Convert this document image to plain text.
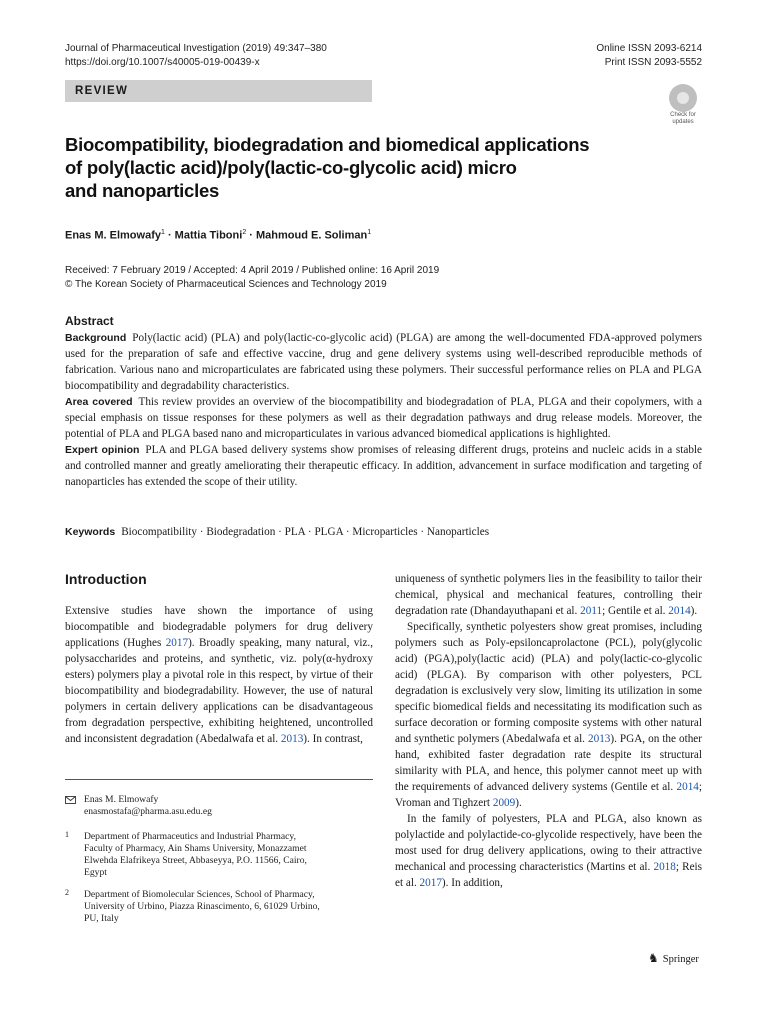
Journal of Pharmaceutical Investigation (2019) 49:347–380
https://doi.org/10.1007/s40005-019-00439-x
Online ISSN 2093-6214
Print ISSN 2093-5552
REVIEW
Check for
updates
Biocompatibility, biodegradation and biomedical applications
of poly(lactic acid)/poly(lactic-co-glycolic acid) micro
and nanoparticles
Enas M. Elmowafy$^1$ · Mattia Tiboni$^2$ · Mahmoud E. Soliman$^1$
Received: 7 February 2019 / Accepted: 4 April 2019 / Published online: 16 April 2019
© The Korean Society of Pharmaceutical Sciences and Technology 2019
Abstract
Background Poly(lactic acid) (PLA) and poly(lactic-co-glycolic acid) (PLGA) are among the well-documented FDA-approved polymers used for the preparation of safe and effective vaccine, drug and gene delivery systems using well-described reproducible methods of fabrication. Various nano and microparticulates are fabricated using these polymers. Their successful performance relies on PLA and PLGA biocompatibility and degradability characteristics.
Area covered This review provides an overview of the biocompatibility and biodegradation of PLA, PLGA and their copolymers, with a special emphasis on tissue responses for these polymers as well as their degradation pathways and drug release models. Moreover, the potential of PLA and PLGA based nano and microparticulates in various advanced biomedical applications is highlighted.
Expert opinion PLA and PLGA based delivery systems show promises of releasing different drugs, proteins and nucleic acids in a stable and controlled manner and greatly ameliorating their therapeutic efficacy. In addition, advancement in surface modification and targeting of nanoparticles has extended the scope of their utility.
Keywords Biocompatibility · Biodegradation · PLA · PLGA · Microparticles · Nanoparticles
Introduction

Extensive studies have shown the importance of using biocompatible and biodegradable polymers for drug delivery applications (Hughes 2017). Broadly speaking, many natural, viz., polysaccharides and proteins, and synthetic, viz. poly(α-hydroxy esters) polymers play a pivotal role in this respect, by virtue of their biocompatibility and biodegradability. However, the use of natural polymers in certain delivery applications can be disadvantageous from degradation perspective, exhibiting heightened, uncontrolled and inconsistent degradation (Abedalwafa et al. 2013). In contrast,

uniqueness of synthetic polymers lies in the feasibility to tailor their chemical, physical and mechanical features, controlling their degradation rate (Dhandayuthapani et al. 2011; Gentile et al. 2014).

Specifically, synthetic polyesters show great promises, including polymers such as Poly-epsiloncaprolactone (PCL), poly(glycolic acid) (PGA),poly(lactic acid) (PLA) and poly(lactic-co-glycolic acid) (PLGA). By comparison with other polyesters, PCL degradation is exclusively very slow, limiting its utilization in some specific biomedical fields and necessitating its modification such as surface decoration or forming composite systems with other natural and synthetic polymers (Abedalwafa et al. 2013). PGA, on the other hand, exhibited faster degradation rate despite its structural similarity with PLA, and hence, this polymer cannot meet up with the requirements of advanced delivery systems (Gentile et al. 2014; Vroman and Tighzert 2009).

In the family of polyesters, PLA and PLGA, also known as polylactide and polylactide-co-glycolide respectively, have been the most used for drug delivery applications, owing to their attractive mechanical and processing characteristics (Martins et al. 2018; Reis et al. 2017). In addition,

Enas M. Elmowafy
enasmostafa@pharma.asu.edu.eg
1 Department of Pharmaceutics and Industrial Pharmacy,
Faculty of Pharmacy, Ain Shams University, Monazzamet
Elwehda Elafrikeya Street, Abbaseyya, P.O. 11566, Cairo,
Egypt
2 Department of Biomolecular Sciences, School of Pharmacy,
University of Urbino, Piazza Rinascimento, 6, 61029 Urbino,
PU, Italy
♞ Springer
